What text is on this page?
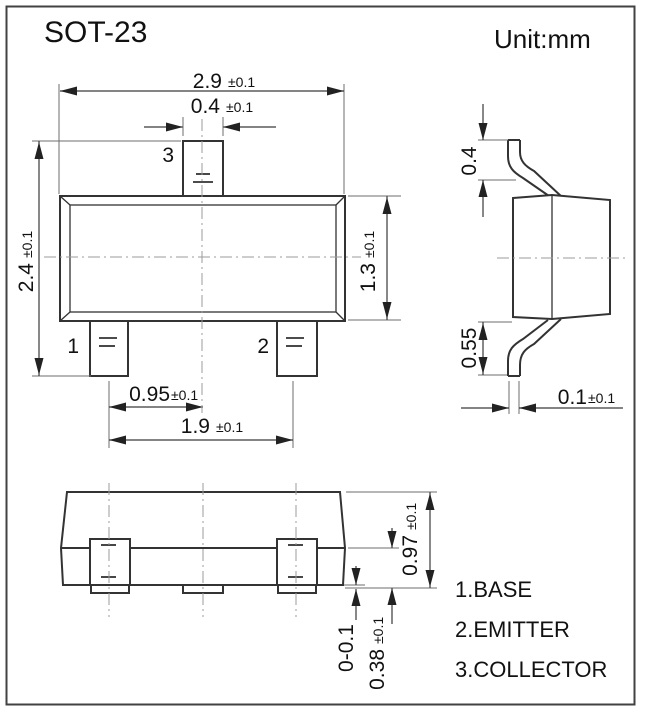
SOT-23	Unit:mm
3
1	2
2.9 ±0.1
0.4 ±0.1
2.4
±0.1
1.3
±0.1
0.95 ±0.1
1.9 ±0.1
0.4
0.55
0.1 ±0.1
0.97
±0.1
0.38
±0.1
0-0.1
1.BASE
2.EMITTER
3.COLLECTOR
